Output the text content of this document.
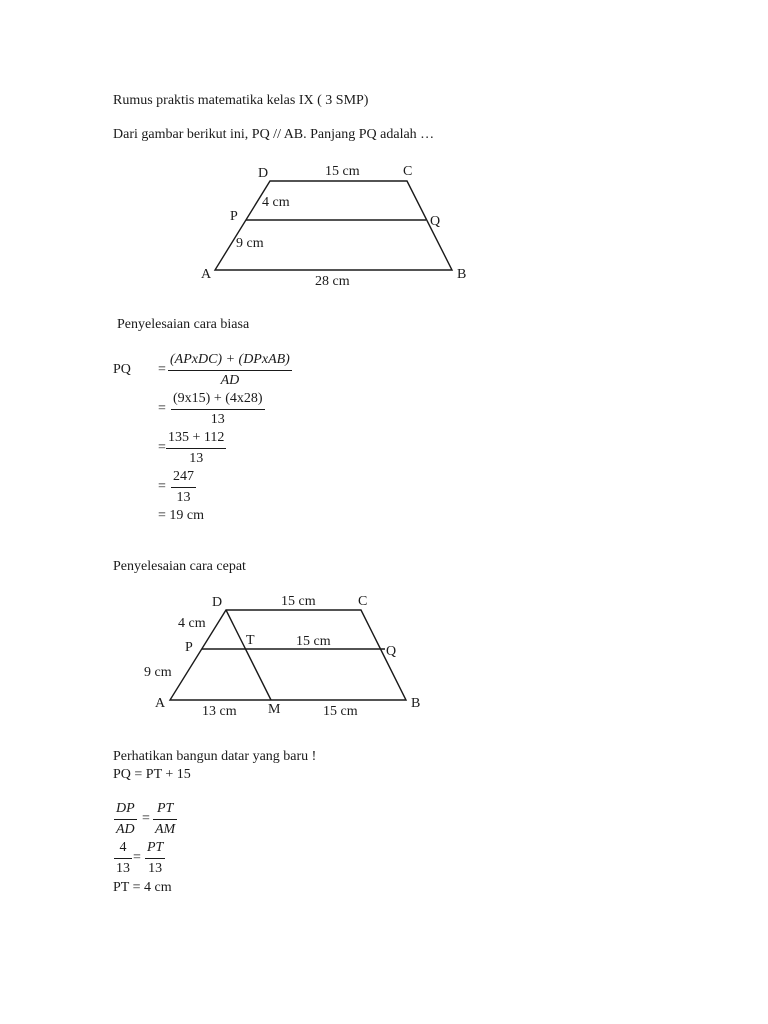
Rumus praktis matematika kelas IX ( 3 SMP)
Dari gambar berikut ini, PQ // AB. Panjang PQ adalah …
D	C
P	Q
A	B
15 cm
4 cm
9 cm
28 cm
Penyelesaian cara biasa
PQ =
(APxDC) + (DPxAB)
AD
=
(9x15) + (4x28)
13
=
135 + 112
13
=
247
13
= 19 cm
Penyelesaian cara cepat
D	C
P	T
Q
A	M	B
15 cm
4 cm
9 cm
15 cm
13 cm	15 cm
Perhatikan bangun datar yang baru !
PQ = PT + 15
DP
AD
=
PT
AM
4
13
=
PT
13
PT = 4 cm
